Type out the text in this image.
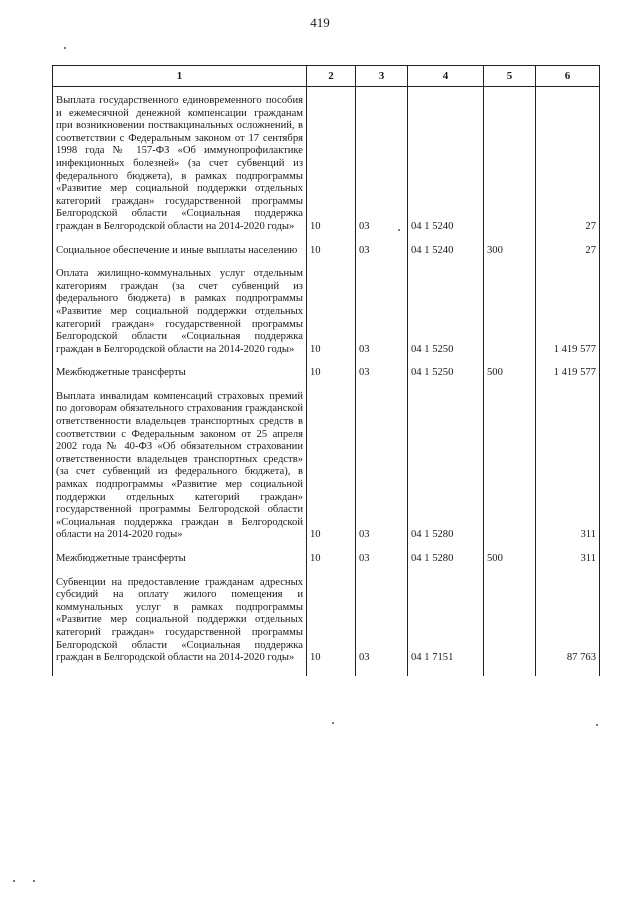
419
1	2	3	4	5	6

Выплата государственного единовременного пособия и ежемесячной денежной компенсации гражданам при возникновении поствакцинальных осложнений, в соответствии с Федеральным законом от 17 сентября 1998 года № 157-ФЗ «Об иммунопрофилактике инфекционных болезней» (за счет субвенций из федерального бюджета), в рамках подпрограммы «Развитие мер социальной поддержки отдельных категорий граждан» государственной программы Белгородской области «Социальная поддержка граждан в Белгородской области на 2014-2020 годы»	10	03	04 1 5240		27

Социальное обеспечение и иные выплаты населению	10	03	04 1 5240	300	27

Оплата жилищно-коммунальных услуг отдельным категориям граждан (за счет субвенций из федерального бюджета) в рамках подпрограммы «Развитие мер социальной поддержки отдельных категорий граждан» государственной программы Белгородской области «Социальная поддержка граждан в Белгородской области на 2014-2020 годы»	10	03	04 1 5250		1 419 577

Межбюджетные трансферты	10	03	04 1 5250	500	1 419 577

Выплата инвалидам компенсаций страховых премий по договорам обязательного страхования гражданской ответственности владельцев транспортных средств в соответствии с Федеральным законом от 25 апреля 2002 года № 40-ФЗ «Об обязательном страховании ответственности владельцев транспортных средств» (за счет субвенций из федерального бюджета), в рамках подпрограммы «Развитие мер социальной поддержки отдельных категорий граждан» государственной программы Белгородской области «Социальная поддержка граждан в Белгородской области на 2014-2020 годы»	10	03	04 1 5280		311

Межбюджетные трансферты	10	03	04 1 5280	500	311

Субвенции на предоставление гражданам адресных субсидий на оплату жилого помещения и коммунальных услуг в рамках подпрограммы «Развитие мер социальной поддержки отдельных категорий граждан» государственной программы Белгородской области «Социальная поддержка граждан в Белгородской области на 2014-2020 годы»	10	03	04 1 7151		87 763
